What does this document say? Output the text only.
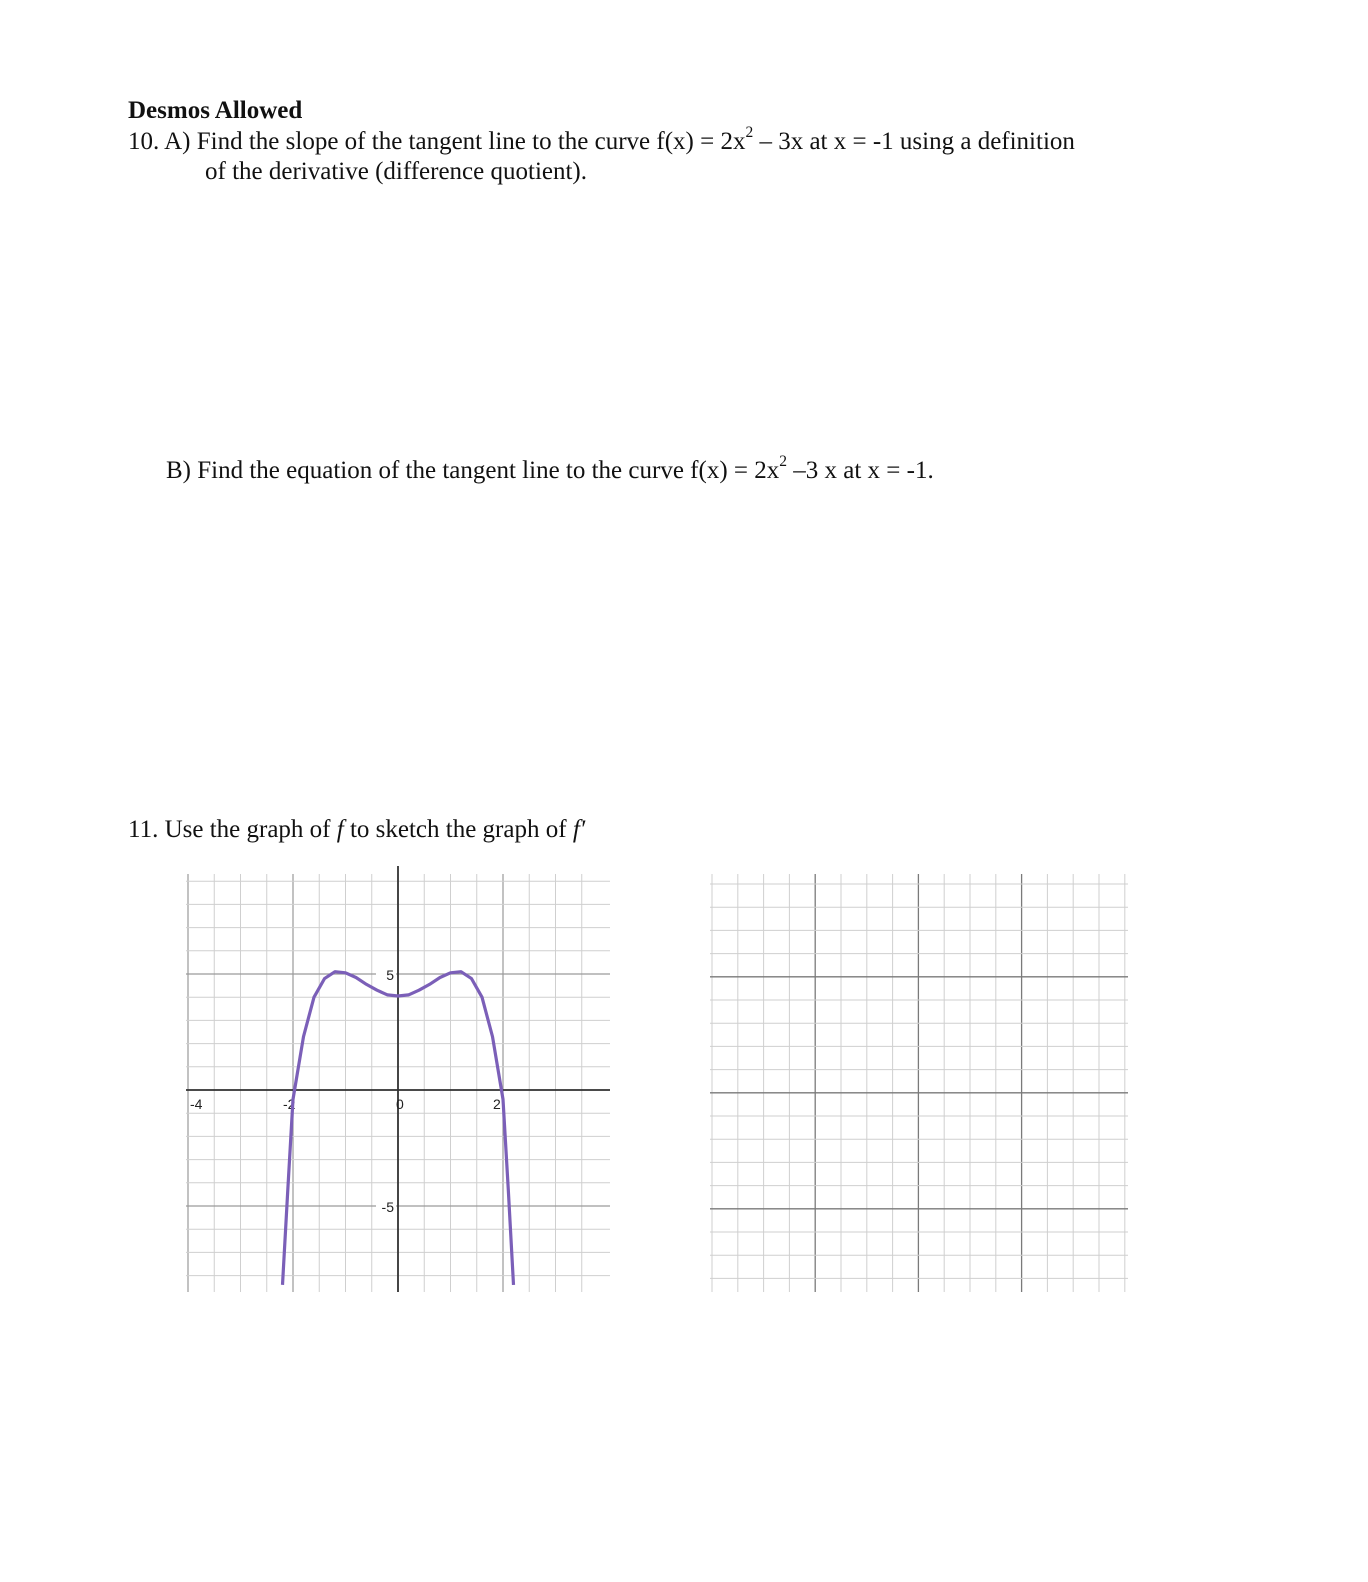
Desmos Allowed
10. A) Find the slope of the tangent line to the curve $f(x) = 2x^2 - 3x$ at x = -1 using a definition
of the derivative (difference quotient).
B) Find the equation of the tangent line to the curve $f(x) = 2x^2$ –3 x at x = -1.
11. Use the graph of f to sketch the graph of f′
-4	-2	0	2
5
-5
